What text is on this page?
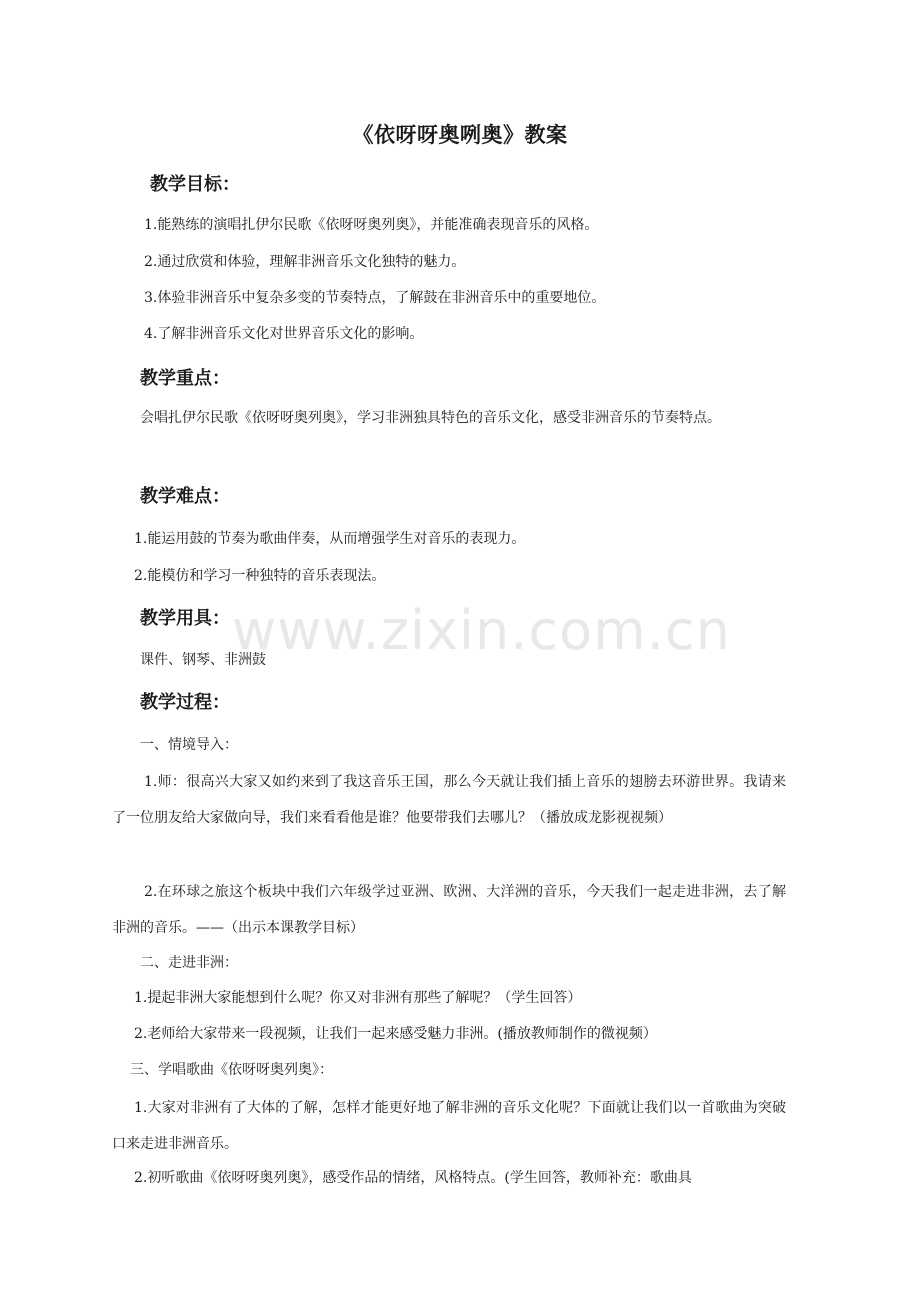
www.zixin.com.cn
《依呀呀奥咧奥》教案
教学目标：
1.能熟练的演唱扎伊尔民歌《依呀呀奥列奥》，并能准确表现音乐的风格。
2.通过欣赏和体验，理解非洲音乐文化独特的魅力。
3.体验非洲音乐中复杂多变的节奏特点，了解鼓在非洲音乐中的重要地位。
4.了解非洲音乐文化对世界音乐文化的影响。
教学重点：
会唱扎伊尔民歌《依呀呀奥列奥》，学习非洲独具特色的音乐文化，感受非洲音乐的节奏特点。
教学难点：
1.能运用鼓的节奏为歌曲伴奏，从而增强学生对音乐的表现力。
2.能模仿和学习一种独特的音乐表现法。
教学用具：
课件、钢琴、非洲鼓
教学过程：
一、情境导入：
1.师：很高兴大家又如约来到了我这音乐王国，那么今天就让我们插上音乐的翅膀去环游世界。我请来了一位朋友给大家做向导，我们来看看他是谁？他要带我们去哪儿？（播放成龙影视视频）
2.在环球之旅这个板块中我们六年级学过亚洲、欧洲、大洋洲的音乐，今天我们一起走进非洲，去了解非洲的音乐。——（出示本课教学目标）
二、走进非洲：
1.提起非洲大家能想到什么呢？你又对非洲有那些了解呢？（学生回答）
2.老师给大家带来一段视频，让我们一起来感受魅力非洲。(播放教师制作的微视频）
三、学唱歌曲《依呀呀奥列奥》：
1.大家对非洲有了大体的了解，怎样才能更好地了解非洲的音乐文化呢？下面就让我们以一首歌曲为突破口来走进非洲音乐。
2.初听歌曲《依呀呀奥列奥》，感受作品的情绪，风格特点。(学生回答，教师补充：歌曲具
